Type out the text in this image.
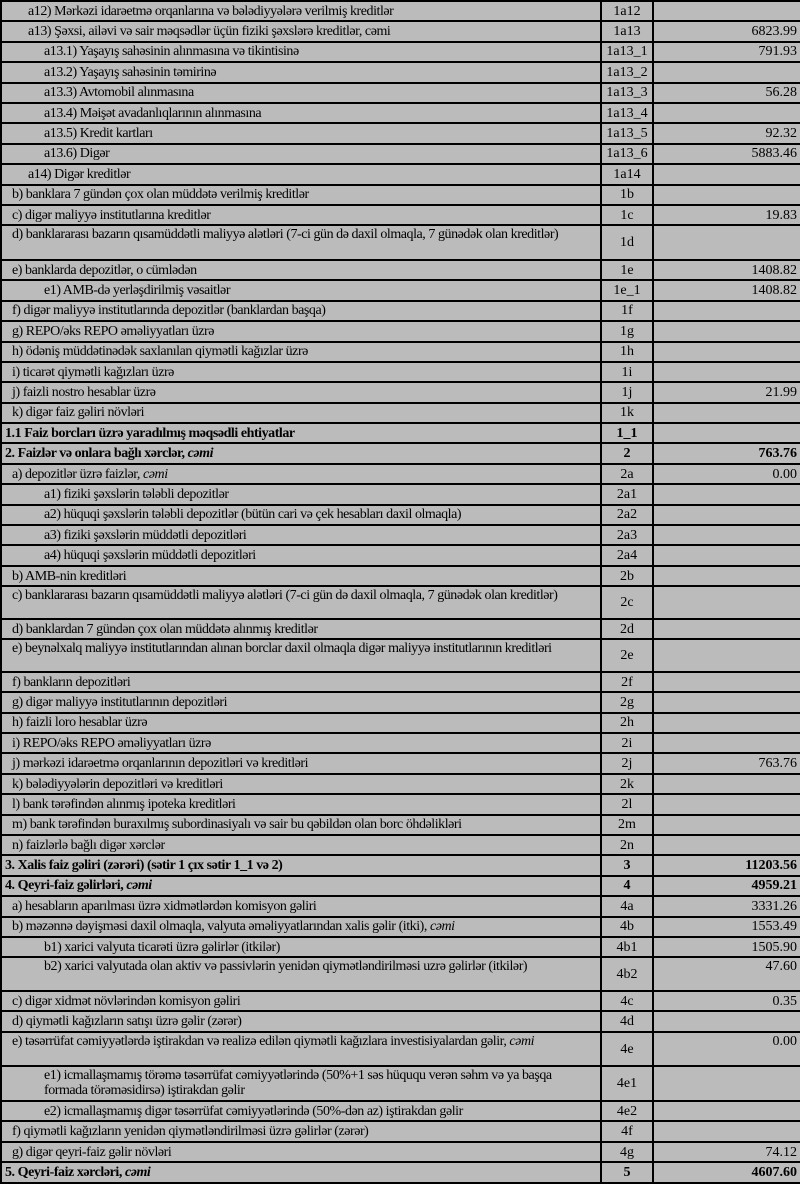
a12) Mərkəzi idarəetmə orqanlarına və bələdiyyələrə verilmiş kreditlər	1a12	
a13) Şəxsi, ailəvi və sair məqsədlər üçün fiziki şəxslərə kreditlər, cəmi	1a13	6823.99
a13.1) Yaşayış sahəsinin alınmasına və tikintisinə	1a13_1	791.93
a13.2) Yaşayış sahəsinin təmirinə	1a13_2	
a13.3) Avtomobil alınmasına	1a13_3	56.28
a13.4) Məişət avadanlıqlarının alınmasına	1a13_4	
a13.5) Kredit kartları	1a13_5	92.32
a13.6) Digər	1a13_6	5883.46
a14) Digər kreditlər	1a14	
b) banklara 7 gündən çox olan müddətə verilmiş kreditlər	1b	
c) digər maliyyə institutlarına kreditlər	1c	19.83
d) banklararası bazarın qısamüddətli maliyyə alətləri (7-ci gün də daxil olmaqla, 7 günədək olan kreditlər)	1d	
e) banklarda depozitlər, o cümlədən	1e	1408.82
e1) AMB-də yerləşdirilmiş vəsaitlər	1e_1	1408.82
f) digər maliyyə institutlarında depozitlər (banklardan başqa)	1f	
g) REPO/əks REPO əməliyyatları üzrə	1g	
h) ödəniş müddətinədək saxlanılan qiymətli kağızlar üzrə	1h	
i) ticarət qiymətli kağızları üzrə	1i	
j) faizli nostro hesablar üzrə	1j	21.99
k) digər faiz gəliri növləri	1k	
1.1 Faiz borcları üzrə yaradılmış məqsədli ehtiyatlar	1_1	
2. Faizlər və onlara bağlı xərclər, cəmi	2	763.76
a) depozitlər üzrə faizlər, cəmi	2a	0.00
a1) fiziki şəxslərin tələbli depozitlər	2a1	
a2) hüquqi şəxslərin tələbli depozitlər (bütün cari və çek hesabları daxil olmaqla)	2a2	
a3) fiziki şəxslərin müddətli depozitləri	2a3	
a4) hüquqi şəxslərin müddətli depozitləri	2a4	
b) AMB-nin kreditləri	2b	
c) banklararası bazarın qısamüddətli maliyyə alətləri (7-ci gün də daxil olmaqla, 7 günədək olan kreditlər)	2c	
d) banklardan 7 gündən çox olan müddətə alınmış kreditlər	2d	
e) beynəlxalq maliyyə institutlarından alınan borclar daxil olmaqla digər maliyyə institutlarının kreditləri	2e	
f) bankların depozitləri	2f	
g) digər maliyyə institutlarının depozitləri	2g	
h) faizli loro hesablar üzrə	2h	
i) REPO/əks REPO əməliyyatları üzrə	2i	
j) mərkəzi idarəetmə orqanlarının depozitləri və kreditləri	2j	763.76
k) bələdiyyələrin depozitləri və kreditləri	2k	
l) bank tərəfindən alınmış ipoteka kreditləri	2l	
m) bank tərəfindən buraxılmış subordinasiyalı və sair bu qəbildən olan borc öhdəlikləri	2m	
n) faizlərlə bağlı digər xərclər	2n	
3. Xalis faiz gəliri (zərəri) (sətir 1 çıx sətir 1_1 və 2)	3	11203.56
4. Qeyri-faiz gəlirləri, cəmi	4	4959.21
a) hesabların aparılması üzrə xidmətlərdən komisyon gəliri	4a	3331.26
b) məzənnə dəyişməsi daxil olmaqla, valyuta əməliyyatlarından xalis gəlir (itki), cəmi	4b	1553.49
b1) xarici valyuta ticarəti üzrə gəlirlər (itkilər)	4b1	1505.90
b2) xarici valyutada olan aktiv və passivlərin yenidən qiymətləndirilməsi uzrə gəlirlər (itkilər)	4b2	47.60
c) digər xidmət növlərindən komisyon gəliri	4c	0.35
d) qiymətli kağızların satışı üzrə gəlir (zərər)	4d	
e) təsərrüfat cəmiyyətlərdə iştirakdan və realizə edilən qiymətli kağızlara investisiyalardan gəlir, cəmi	4e	0.00
e1) icmallaşmamış törəmə təsərrüfat cəmiyyətlərində (50%+1 səs hüququ verən səhm və ya başqa formada törəməsidirsə) iştirakdan gəlir	4e1	
e2) icmallaşmamış digər təsərrüfat cəmiyyətlərində (50%-dən az) iştirakdan gəlir	4e2	
f) qiymətli kağızların yenidən qiymətləndirilməsi üzrə gəlirlər (zərər)	4f	
g) digər qeyri-faiz gəlir növləri	4g	74.12
5. Qeyri-faiz xərcləri, cəmi	5	4607.60
